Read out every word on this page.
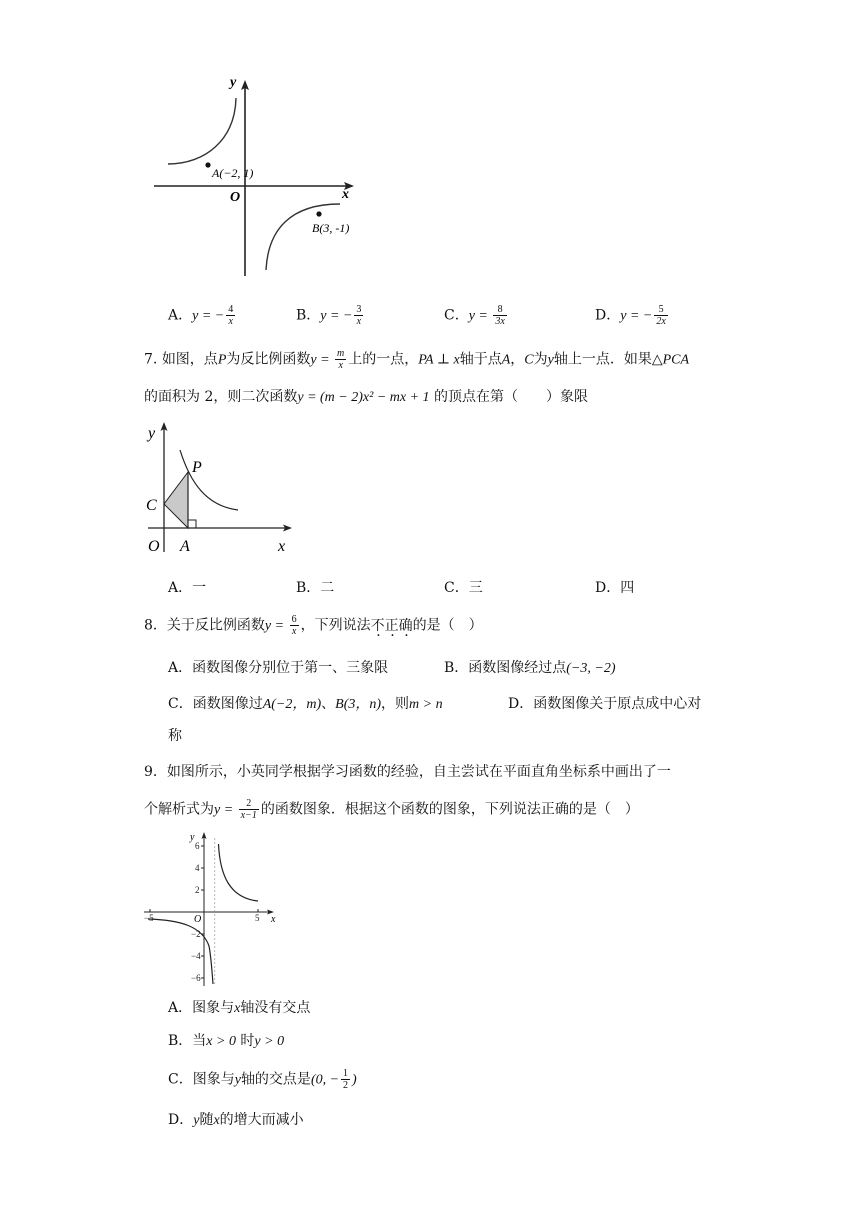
y
x
O
A(−2, 1)
B(3, -1)
A．y = − $\frac{4}{x}$	B．y = − $\frac{3}{x}$	C．$y = \frac{8}{3x}$	D．y = − $\frac{5}{2x}$
7. 如图，点P为反比例函数$y = \frac{m}{x}$ 上的一点，PA ⊥ x轴于点A，C为y轴上一点．如果△PCA
的面积为 2，则二次函数y = (m − 2)x² − mx + 1 的顶点在第（　　）象限
y
x
O A
C
P
A．一	B．二	C．三	D．四
8．关于反比例函数$y = \frac{6}{x}$ ，下列说法不正确的是（　）
A．函数图像分别位于第一、三象限	B．函数图像经过点(−3, −2)
C．函数图像过A(−2，m)、B(3，n)，则m > n	D．函数图像关于原点成中心对
称
9．如图所示，小英同学根据学习函数的经验，自主尝试在平面直角坐标系中画出了一
个解析式为$y = \frac{2}{x-1}$ 的函数图象．根据这个函数的图象，下列说法正确的是（　）
y
x
O
6
4
2
−2
−4
−6
−5	5
A．图象与x轴没有交点
B．当x > 0 时y > 0
C．图象与y轴的交点是(0, − $\frac{1}{2}$ )
D．y随x的增大而减小
